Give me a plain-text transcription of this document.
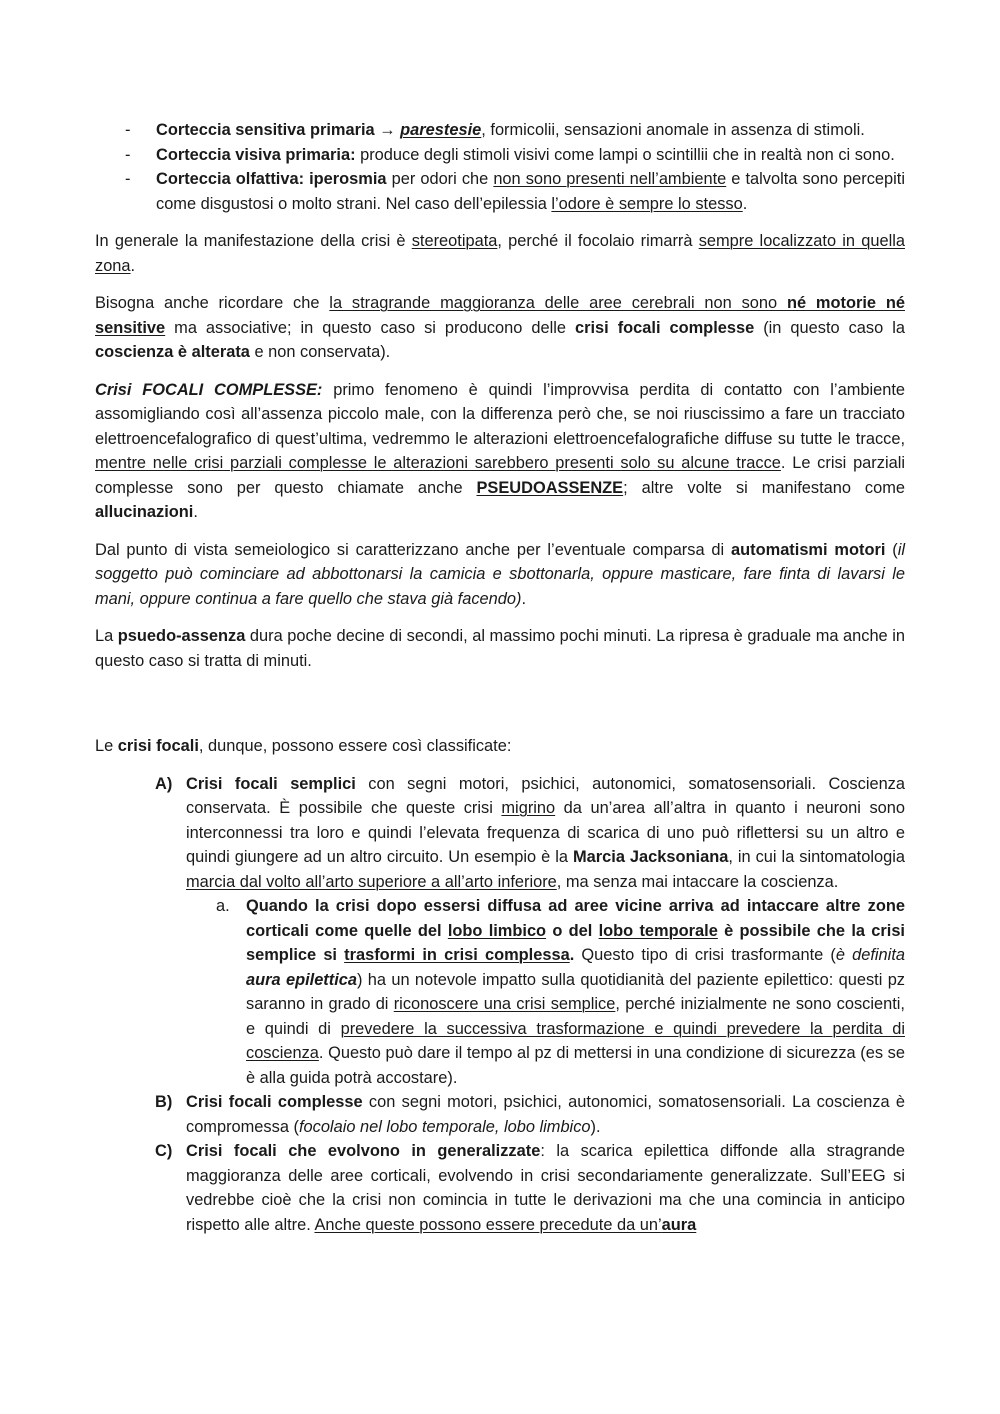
- Corteccia sensitiva primaria → parestesie, formicolii, sensazioni anomale in assenza di stimoli.
- Corteccia visiva primaria: produce degli stimoli visivi come lampi o scintillii che in realtà non ci sono.
- Corteccia olfattiva: iperosmia per odori che non sono presenti nell’ambiente e talvolta sono percepiti come disgustosi o molto strani. Nel caso dell’epilessia l’odore è sempre lo stesso.

In generale la manifestazione della crisi è stereotipata, perché il focolaio rimarrà sempre localizzato in quella zona.

Bisogna anche ricordare che la stragrande maggioranza delle aree cerebrali non sono né motorie né sensitive ma associative; in questo caso si producono delle crisi focali complesse (in questo caso la coscienza è alterata e non conservata).

Crisi FOCALI COMPLESSE: primo fenomeno è quindi l’improvvisa perdita di contatto con l’ambiente assomigliando così all’assenza piccolo male, con la differenza però che, se noi riuscissimo a fare un tracciato elettroencefalografico di quest’ultima, vedremmo le alterazioni elettroencefalografiche diffuse su tutte le tracce, mentre nelle crisi parziali complesse le alterazioni sarebbero presenti solo su alcune tracce. Le crisi parziali complesse sono per questo chiamate anche PSEUDOASSENZE; altre volte si manifestano come allucinazioni.

Dal punto di vista semeiologico si caratterizzano anche per l’eventuale comparsa di automatismi motori (il soggetto può cominciare ad abbottonarsi la camicia e sbottonarla, oppure masticare, fare finta di lavarsi le mani, oppure continua a fare quello che stava già facendo).

La psuedo-assenza dura poche decine di secondi, al massimo pochi minuti. La ripresa è graduale ma anche in questo caso si tratta di minuti.

Le crisi focali, dunque, possono essere così classificate:

A) Crisi focali semplici con segni motori, psichici, autonomici, somatosensoriali. Coscienza conservata. È possibile che queste crisi migrino da un’area all’altra in quanto i neuroni sono interconnessi tra loro e quindi l’elevata frequenza di scarica di uno può riflettersi su un altro e quindi giungere ad un altro circuito. Un esempio è la Marcia Jacksoniana, in cui la sintomatologia marcia dal volto all’arto superiore a all’arto inferiore, ma senza mai intaccare la coscienza.
a. Quando la crisi dopo essersi diffusa ad aree vicine arriva ad intaccare altre zone corticali come quelle del lobo limbico o del lobo temporale è possibile che la crisi semplice si trasformi in crisi complessa. Questo tipo di crisi trasformante (è definita aura epilettica) ha un notevole impatto sulla quotidianità del paziente epilettico: questi pz saranno in grado di riconoscere una crisi semplice, perché inizialmente ne sono coscienti, e quindi di prevedere la successiva trasformazione e quindi prevedere la perdita di coscienza. Questo può dare il tempo al pz di mettersi in una condizione di sicurezza (es se è alla guida potrà accostare).
B) Crisi focali complesse con segni motori, psichici, autonomici, somatosensoriali. La coscienza è compromessa (focolaio nel lobo temporale, lobo limbico).
C) Crisi focali che evolvono in generalizzate: la scarica epilettica diffonde alla stragrande maggioranza delle aree corticali, evolvendo in crisi secondariamente generalizzate. Sull’EEG si vedrebbe cioè che la crisi non comincia in tutte le derivazioni ma che una comincia in anticipo rispetto alle altre. Anche queste possono essere precedute da un’aura
